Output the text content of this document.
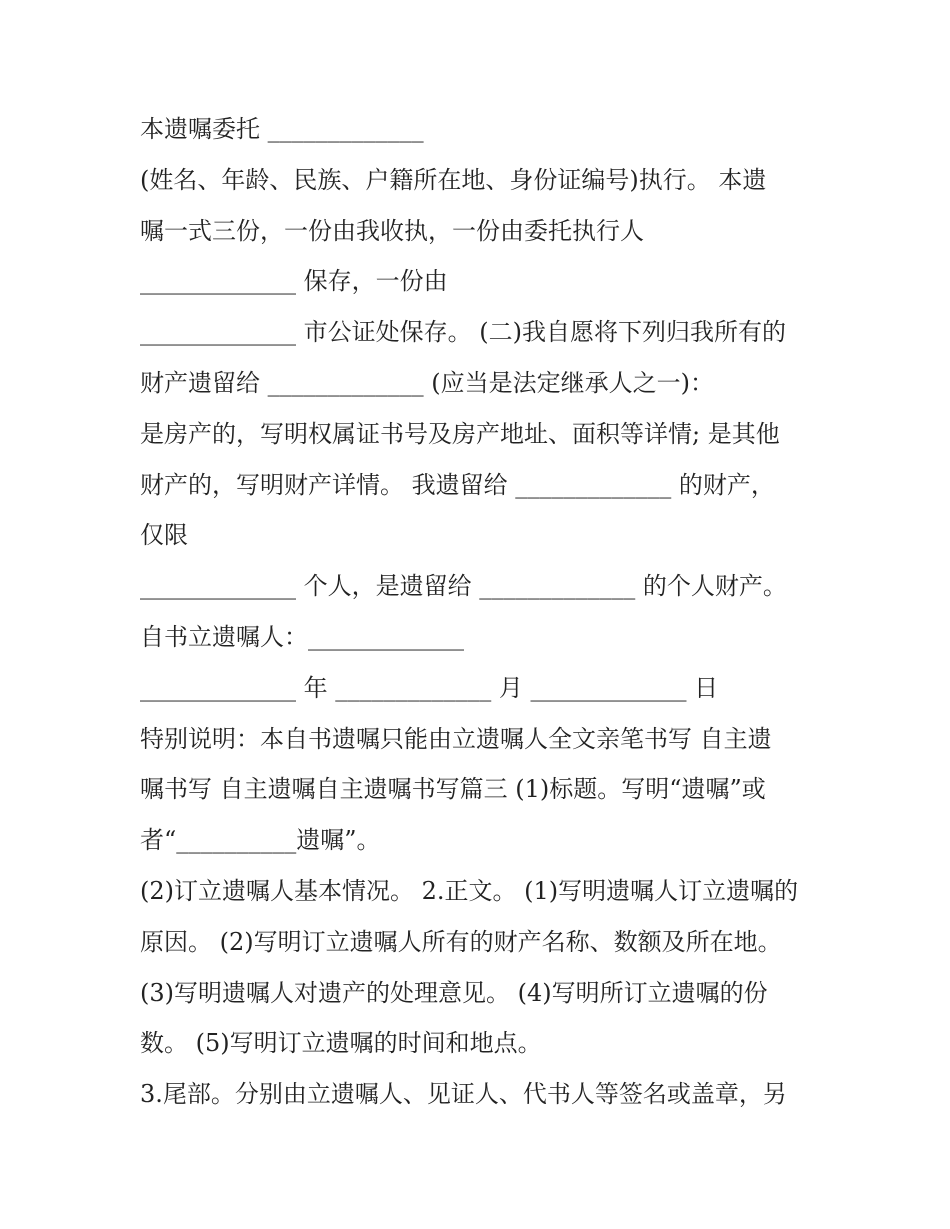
本遗嘱委托 _____________
(姓名、年龄、民族、户籍所在地、身份证编号)执行。 本遗
嘱一式三份，一份由我收执，一份由委托执行人
_____________ 保存，一份由
_____________ 市公证处保存。 (二)我自愿将下列归我所有的
财产遗留给 _____________ (应当是法定继承人之一)：
是房产的，写明权属证书号及房产地址、面积等详情; 是其他
财产的，写明财产详情。 我遗留给 _____________ 的财产，
仅限
_____________ 个人，是遗留给 _____________ 的个人财产。
自书立遗嘱人：_____________
_____________ 年 _____________ 月 _____________ 日
特别说明：本自书遗嘱只能由立遗嘱人全文亲笔书写 自主遗
嘱书写 自主遗嘱自主遗嘱书写篇三 (1)标题。写明“遗嘱”或
者“__________遗嘱”。
(2)订立遗嘱人基本情况。 2.正文。 (1)写明遗嘱人订立遗嘱的
原因。 (2)写明订立遗嘱人所有的财产名称、数额及所在地。
(3)写明遗嘱人对遗产的处理意见。 (4)写明所订立遗嘱的份
数。 (5)写明订立遗嘱的时间和地点。
3.尾部。分别由立遗嘱人、见证人、代书人等签名或盖章，另
